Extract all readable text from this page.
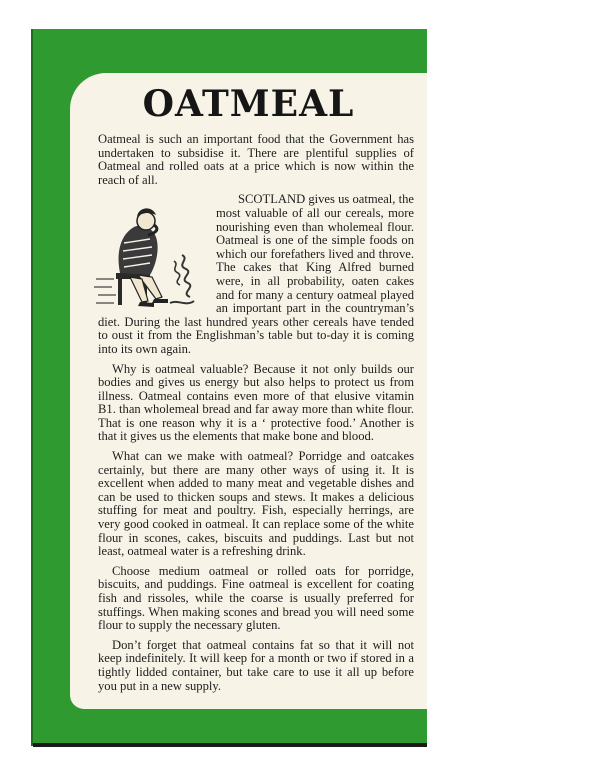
OATMEAL

Oatmeal is such an important food that the Government has undertaken to subsidise it. There are plentiful supplies of Oatmeal and rolled oats at a price which is now within the reach of all.

SCOTLAND gives us oatmeal, the most valuable of all our cereals, more nourishing even than wholemeal flour. Oatmeal is one of the simple foods on which our forefathers lived and throve. The cakes that King Alfred burned were, in all probability, oaten cakes and for many a century oatmeal played an important part in the countryman’s diet. During the last hundred years other cereals have tended to oust it from the Englishman’s table but to-day it is coming into its own again.

Why is oatmeal valuable? Because it not only builds our bodies and gives us energy but also helps to protect us from illness. Oatmeal contains even more of that elusive vitamin B1. than wholemeal bread and far away more than white flour. That is one reason why it is a ‘ protective food.’ Another is that it gives us the elements that make bone and blood.

What can we make with oatmeal? Porridge and oatcakes certainly, but there are many other ways of using it. It is excellent when added to many meat and vegetable dishes and can be used to thicken soups and stews. It makes a delicious stuffing for meat and poultry. Fish, especially herrings, are very good cooked in oatmeal. It can replace some of the white flour in scones, cakes, biscuits and puddings. Last but not least, oatmeal water is a refreshing drink.

Choose medium oatmeal or rolled oats for porridge, biscuits, and puddings. Fine oatmeal is excellent for coating fish and rissoles, while the coarse is usually preferred for stuffings. When making scones and bread you will need some flour to supply the necessary gluten.

Don’t forget that oatmeal contains fat so that it will not keep indefinitely. It will keep for a month or two if stored in a tightly lidded container, but take care to use it all up before you put in a new supply.
